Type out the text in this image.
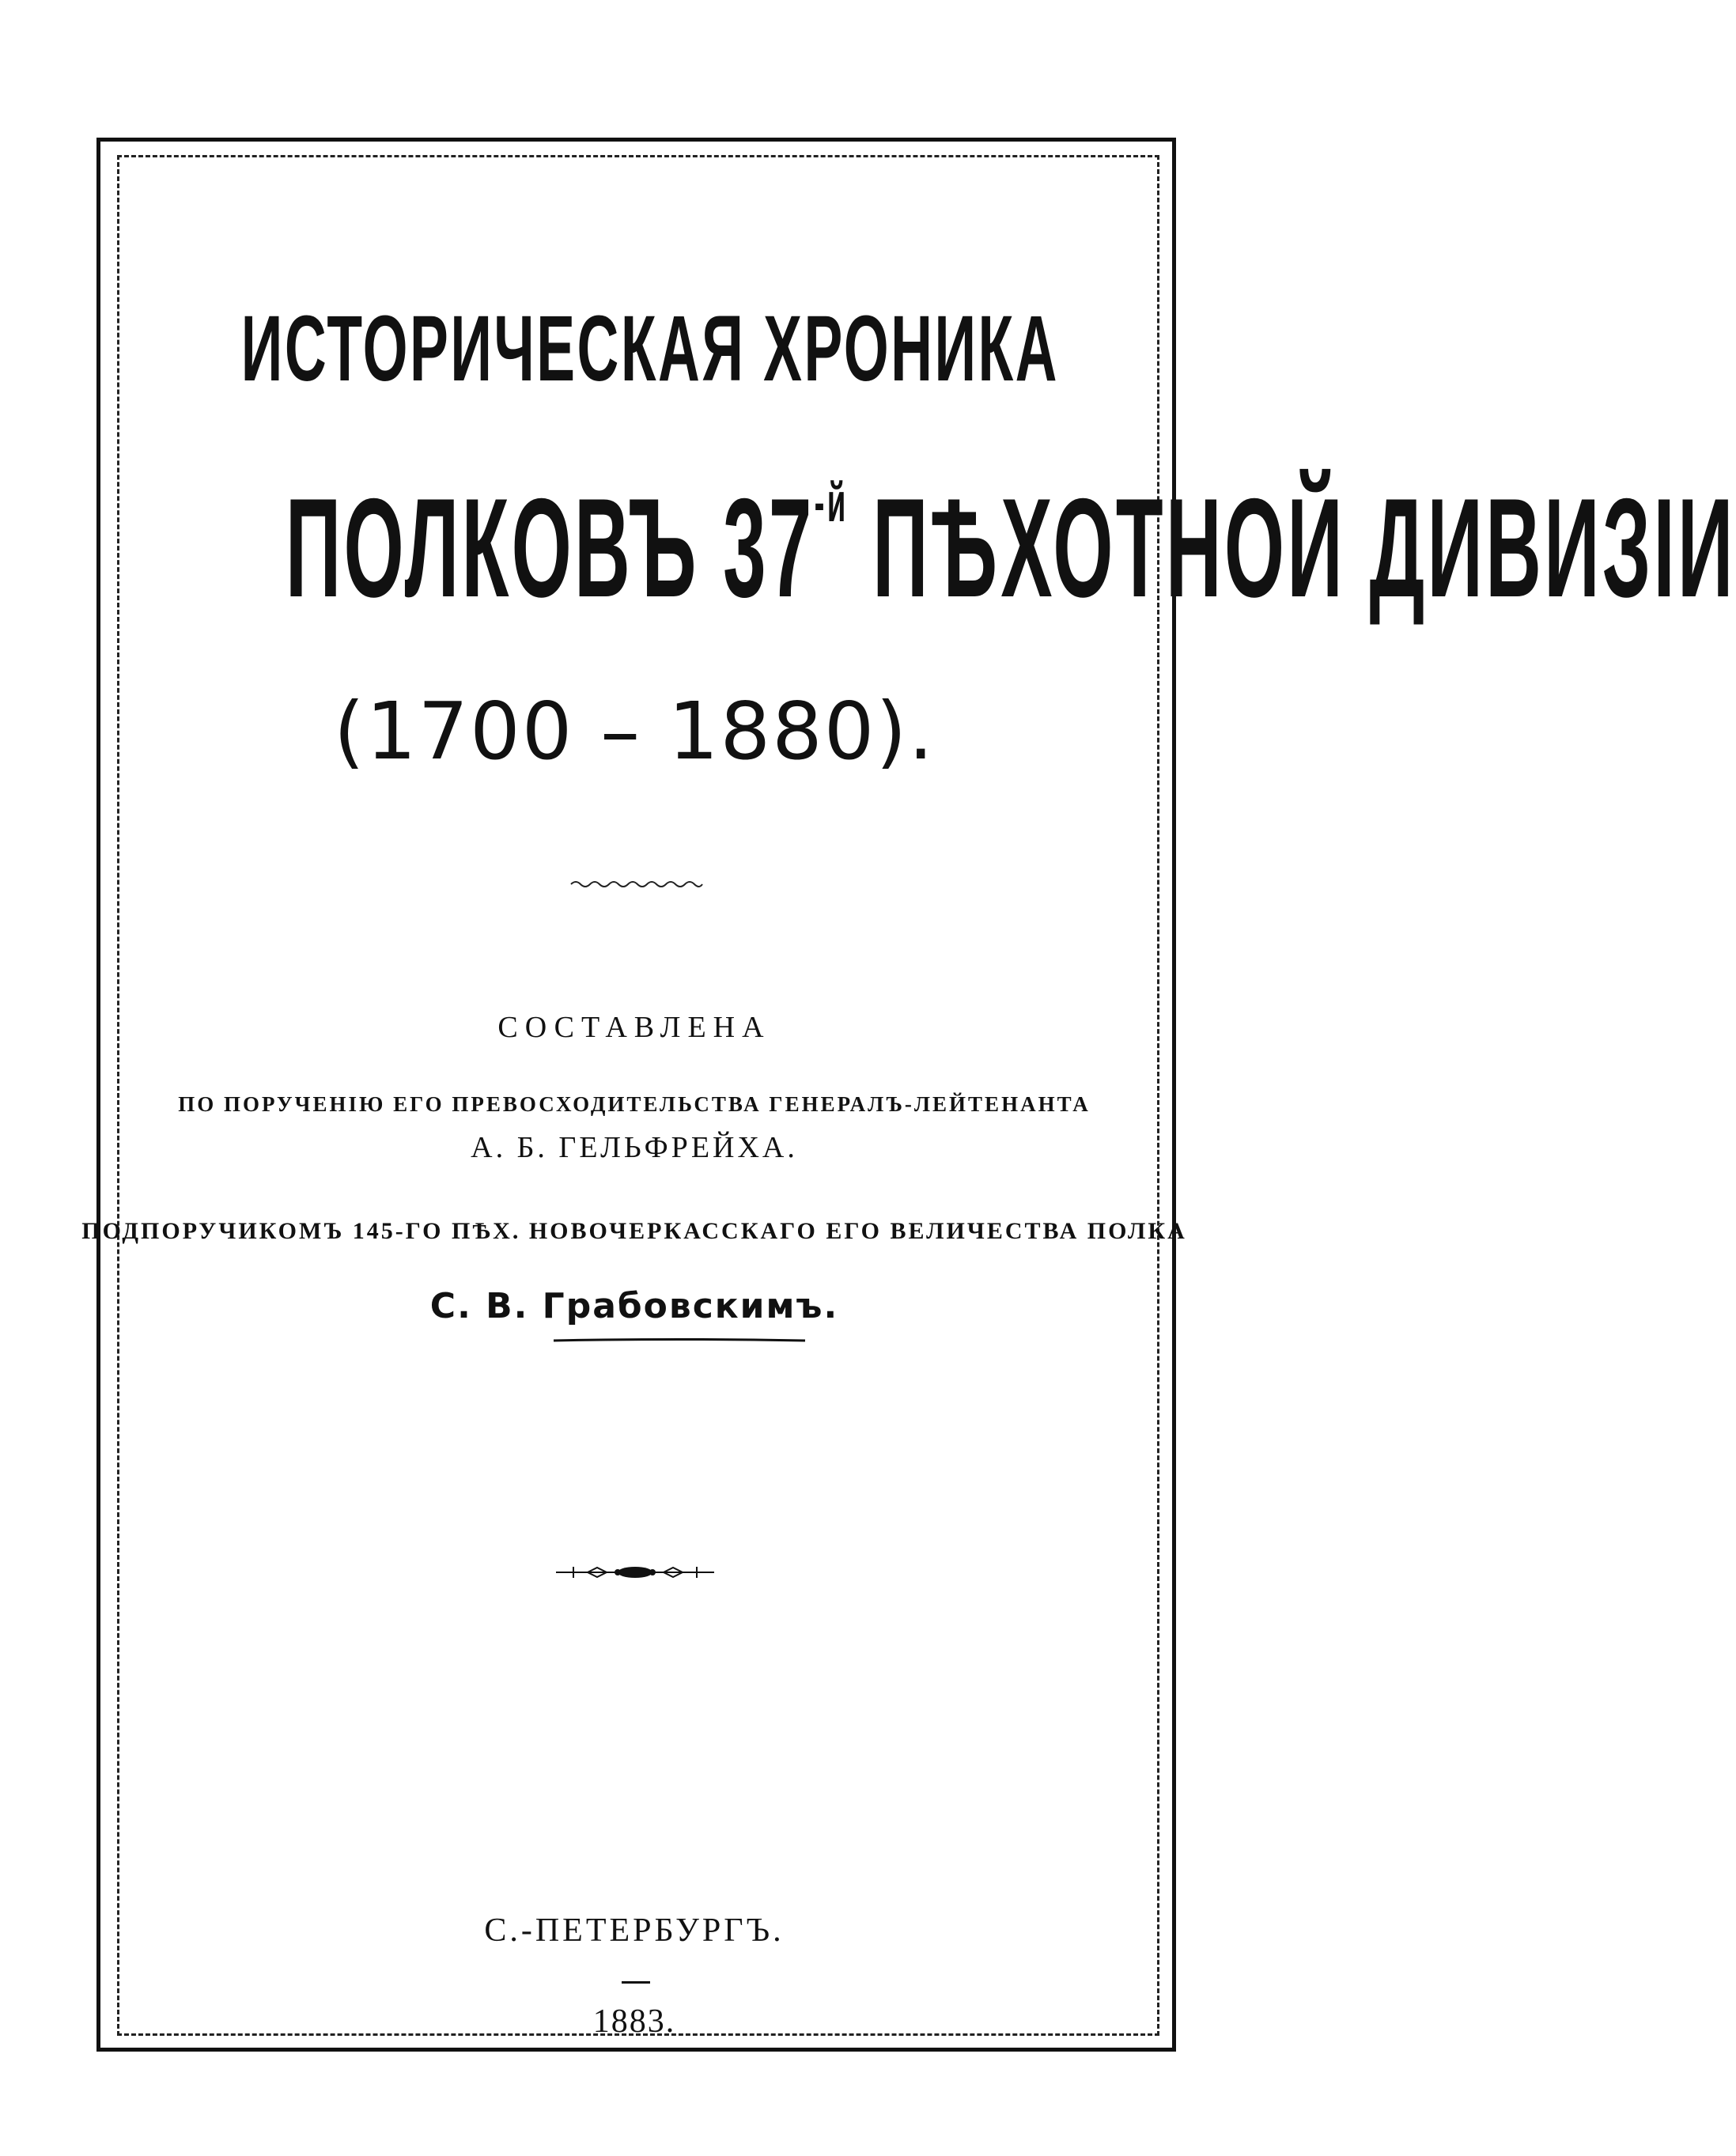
ИСТОРИЧЕСКАЯ ХРОНИКА
ПОЛКОВЪ $37^{-й}$ ПѢХОТНОЙ ДИВИЗІИ
(1700 – 1880).
СОСТАВЛЕНА
ПО ПОРУЧЕНІЮ ЕГО ПРЕВОСХОДИТЕЛЬСТВА ГЕНЕРАЛЪ-ЛЕЙТЕНАНТА
А. Б. ГЕЛЬФРЕЙХА.
ПОДПОРУЧИКОМЪ 145-ГО ПѢХ. НОВОЧЕРКАССКАГО ЕГО ВЕЛИЧЕСТВА ПОЛКА
С. В. Грабовскимъ.
С.-ПЕТЕРБУРГЪ.
1883.
